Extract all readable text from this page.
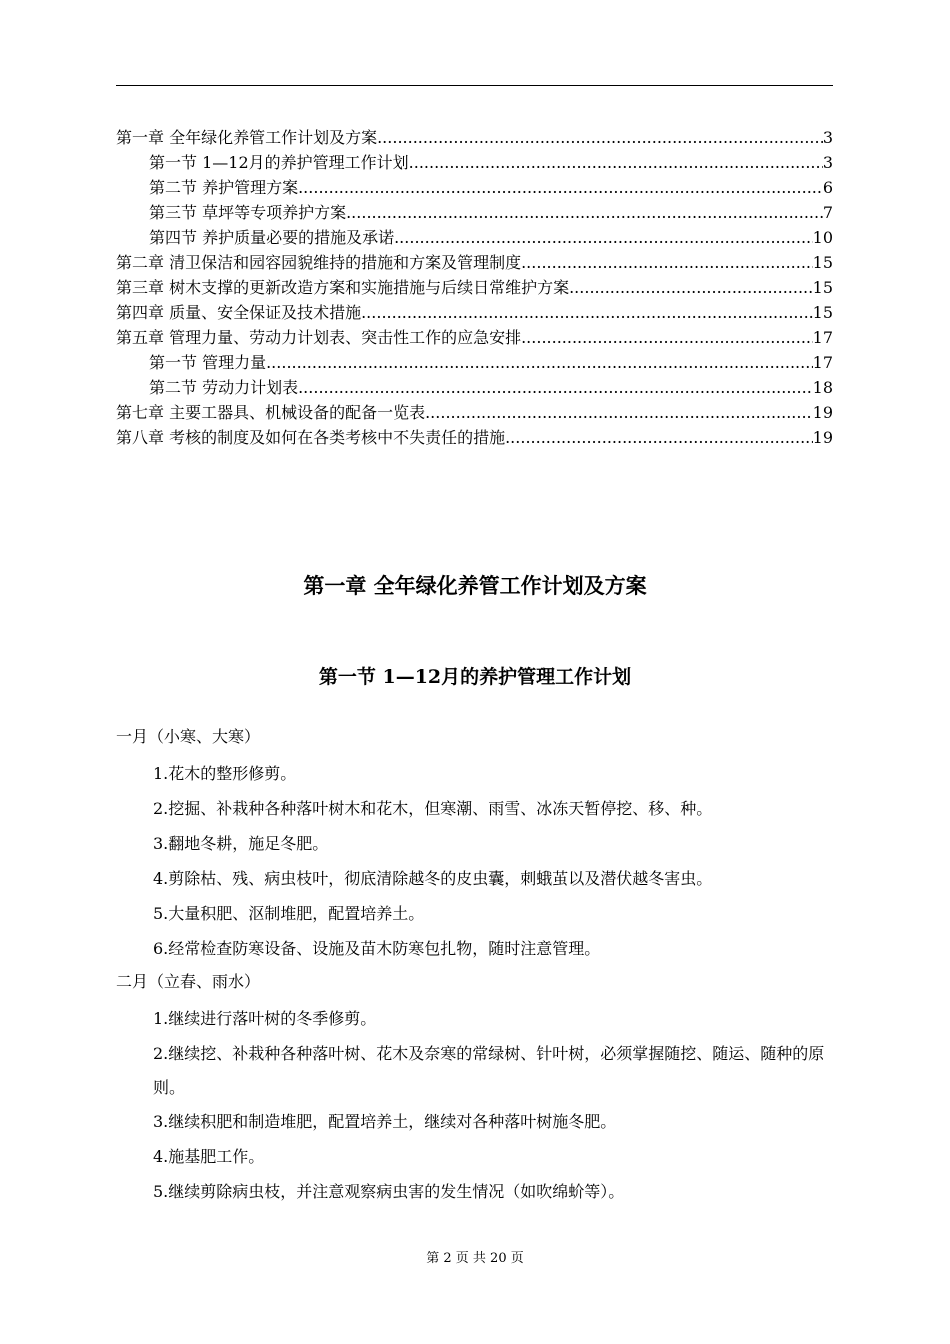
第一章 全年绿化养管工作计划及方案 .....	3
第一节 1—12月的养护管理工作计划 .....	3
第二节 养护管理方案 .....	6
第三节 草坪等专项养护方案 .....	7
第四节 养护质量必要的措施及承诺 .....	10
第二章 清卫保洁和园容园貌维持的措施和方案及管理制度 .....	15
第三章 树木支撑的更新改造方案和实施措施与后续日常维护方案 .....	15
第四章 质量、安全保证及技术措施 .....	15
第五章 管理力量、劳动力计划表、突击性工作的应急安排 .....	17
第一节 管理力量 .....	17
第二节 劳动力计划表 .....	18
第七章 主要工器具、机械设备的配备一览表 .....	19
第八章 考核的制度及如何在各类考核中不失责任的措施 .....	19
第一章 全年绿化养管工作计划及方案
第一节 1—12月的养护管理工作计划
一月（小寒、大寒）
1.花木的整形修剪。
2.挖掘、补栽种各种落叶树木和花木，但寒潮、雨雪、冰冻天暂停挖、移、种。
3.翻地冬耕，施足冬肥。
4.剪除枯、残、病虫枝叶，彻底清除越冬的皮虫囊，刺蛾茧以及潜伏越冬害虫。
5.大量积肥、沤制堆肥，配置培养土。
6.经常检查防寒设备、设施及苗木防寒包扎物，随时注意管理。
二月（立春、雨水）
1.继续进行落叶树的冬季修剪。
2.继续挖、补栽种各种落叶树、花木及奈寒的常绿树、针叶树，必须掌握随挖、随运、随种的原则。
3.继续积肥和制造堆肥，配置培养土，继续对各种落叶树施冬肥。
4.施基肥工作。
5.继续剪除病虫枝，并注意观察病虫害的发生情况（如吹绵蚧等）。
第 2 页 共 20 页
